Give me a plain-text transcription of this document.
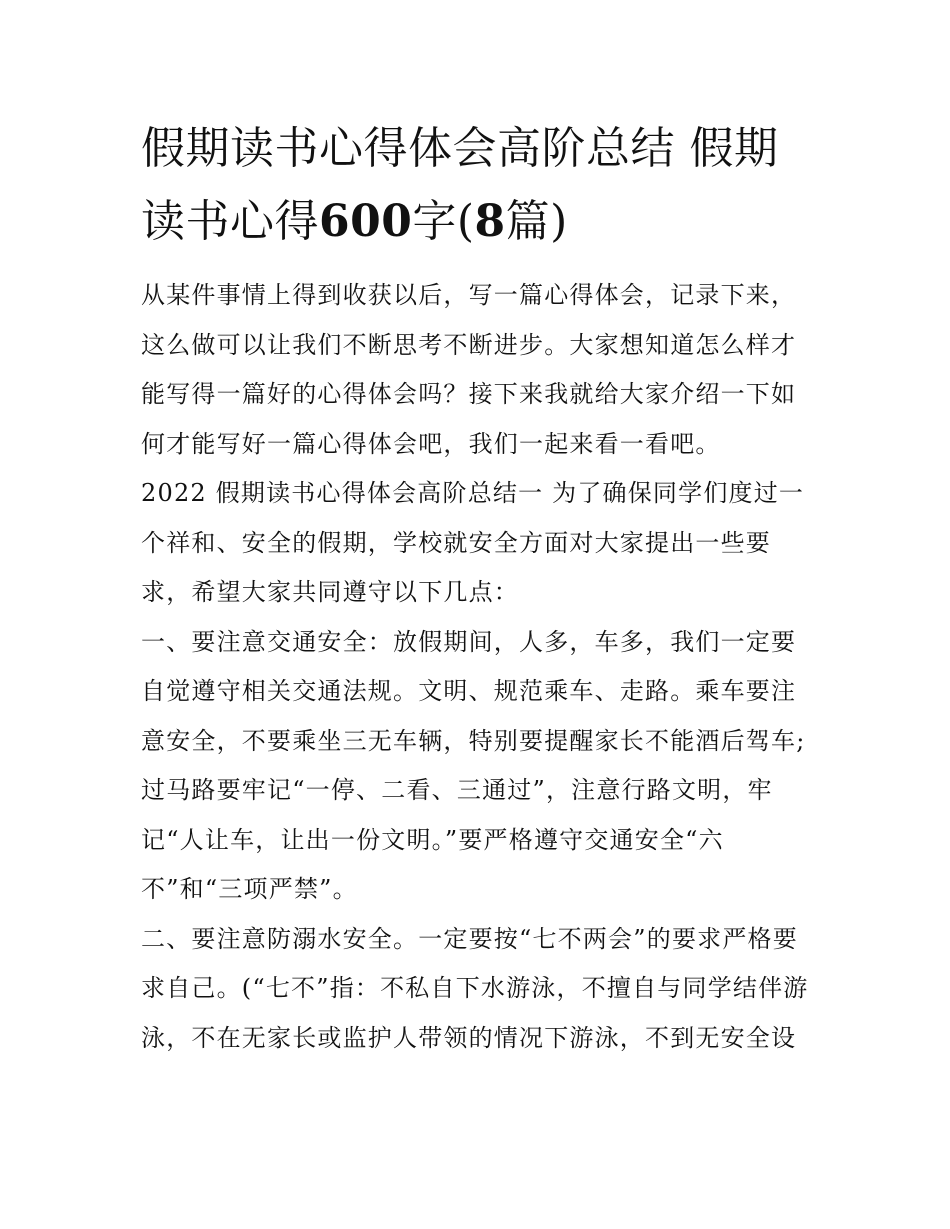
假期读书心得体会高阶总结 假期读书心得600字(8篇)

从某件事情上得到收获以后，写一篇心得体会，记录下来，这么做可以让我们不断思考不断进步。大家想知道怎么样才能写得一篇好的心得体会吗？接下来我就给大家介绍一下如何才能写好一篇心得体会吧，我们一起来看一看吧。

2022 假期读书心得体会高阶总结一 为了确保同学们度过一个祥和、安全的假期，学校就安全方面对大家提出一些要求，希望大家共同遵守以下几点：

一、要注意交通安全：放假期间，人多，车多，我们一定要自觉遵守相关交通法规。文明、规范乘车、走路。乘车要注意安全，不要乘坐三无车辆，特别要提醒家长不能酒后驾车;过马路要牢记“一停、二看、三通过”，注意行路文明，牢记“人让车，让出一份文明。”要严格遵守交通安全“六不”和“三项严禁”。

二、要注意防溺水安全。一定要按“七不两会”的要求严格要求自己。(“七不”指：不私自下水游泳，不擅自与同学结伴游泳，不在无家长或监护人带领的情况下游泳，不到无安全设
